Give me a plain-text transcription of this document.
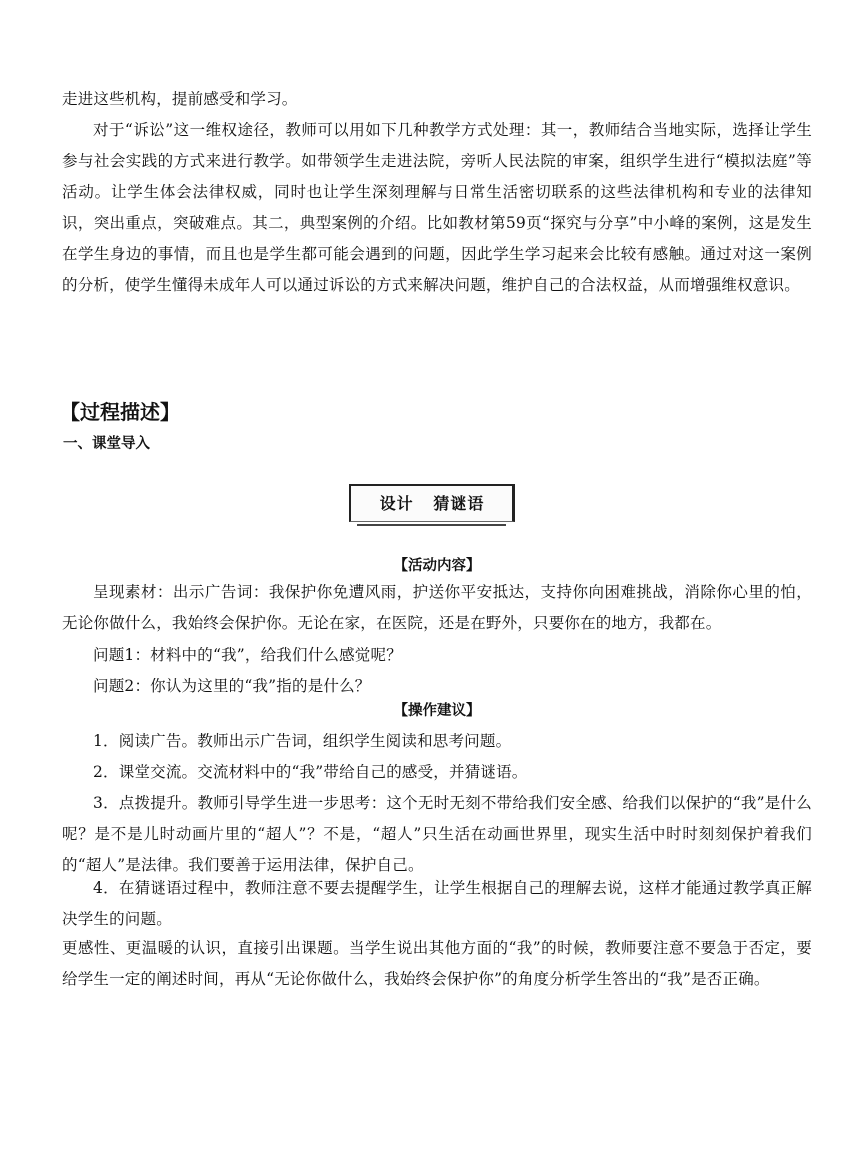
走进这些机构，提前感受和学习。

对于“诉讼”这一维权途径，教师可以用如下几种教学方式处理：其一，教师结合当地实际，选择让学生参与社会实践的方式来进行教学。如带领学生走进法院，旁听人民法院的审案，组织学生进行“模拟法庭”等活动。让学生体会法律权威，同时也让学生深刻理解与日常生活密切联系的这些法律机构和专业的法律知识，突出重点，突破难点。其二，典型案例的介绍。比如教材第59页“探究与分享”中小峰的案例，这是发生在学生身边的事情，而且也是学生都可能会遇到的问题，因此学生学习起来会比较有感触。通过对这一案例的分析，使学生懂得未成年人可以通过诉讼的方式来解决问题，维护自己的合法权益，从而增强维权意识。

【过程描述】
一、课堂导入
设计   猜谜语

【活动内容】

呈现素材：出示广告词：我保护你免遭风雨，护送你平安抵达，支持你向困难挑战，消除你心里的怕，无论你做什么，我始终会保护你。无论在家，在医院，还是在野外，只要你在的地方，我都在。

问题1：材料中的“我”，给我们什么感觉呢？

问题2：你认为这里的“我”指的是什么？

【操作建议】

1．阅读广告。教师出示广告词，组织学生阅读和思考问题。

2．课堂交流。交流材料中的“我”带给自己的感受，并猜谜语。

3．点拨提升。教师引导学生进一步思考：这个无时无刻不带给我们安全感、给我们以保护的“我”是什么呢？是不是儿时动画片里的“超人”？不是，“超人”只生活在动画世界里，现实生活中时时刻刻保护着我们的“超人”是法律。我们要善于运用法律，保护自己。

4．在猜谜语过程中，教师注意不要去提醒学生，让学生根据自己的理解去说，这样才能通过教学真正解决学生的问题。

更感性、更温暖的认识，直接引出课题。当学生说出其他方面的“我”的时候，教师要注意不要急于否定，要给学生一定的阐述时间，再从“无论你做什么，我始终会保护你”的角度分析学生答出的“我”是否正确。
